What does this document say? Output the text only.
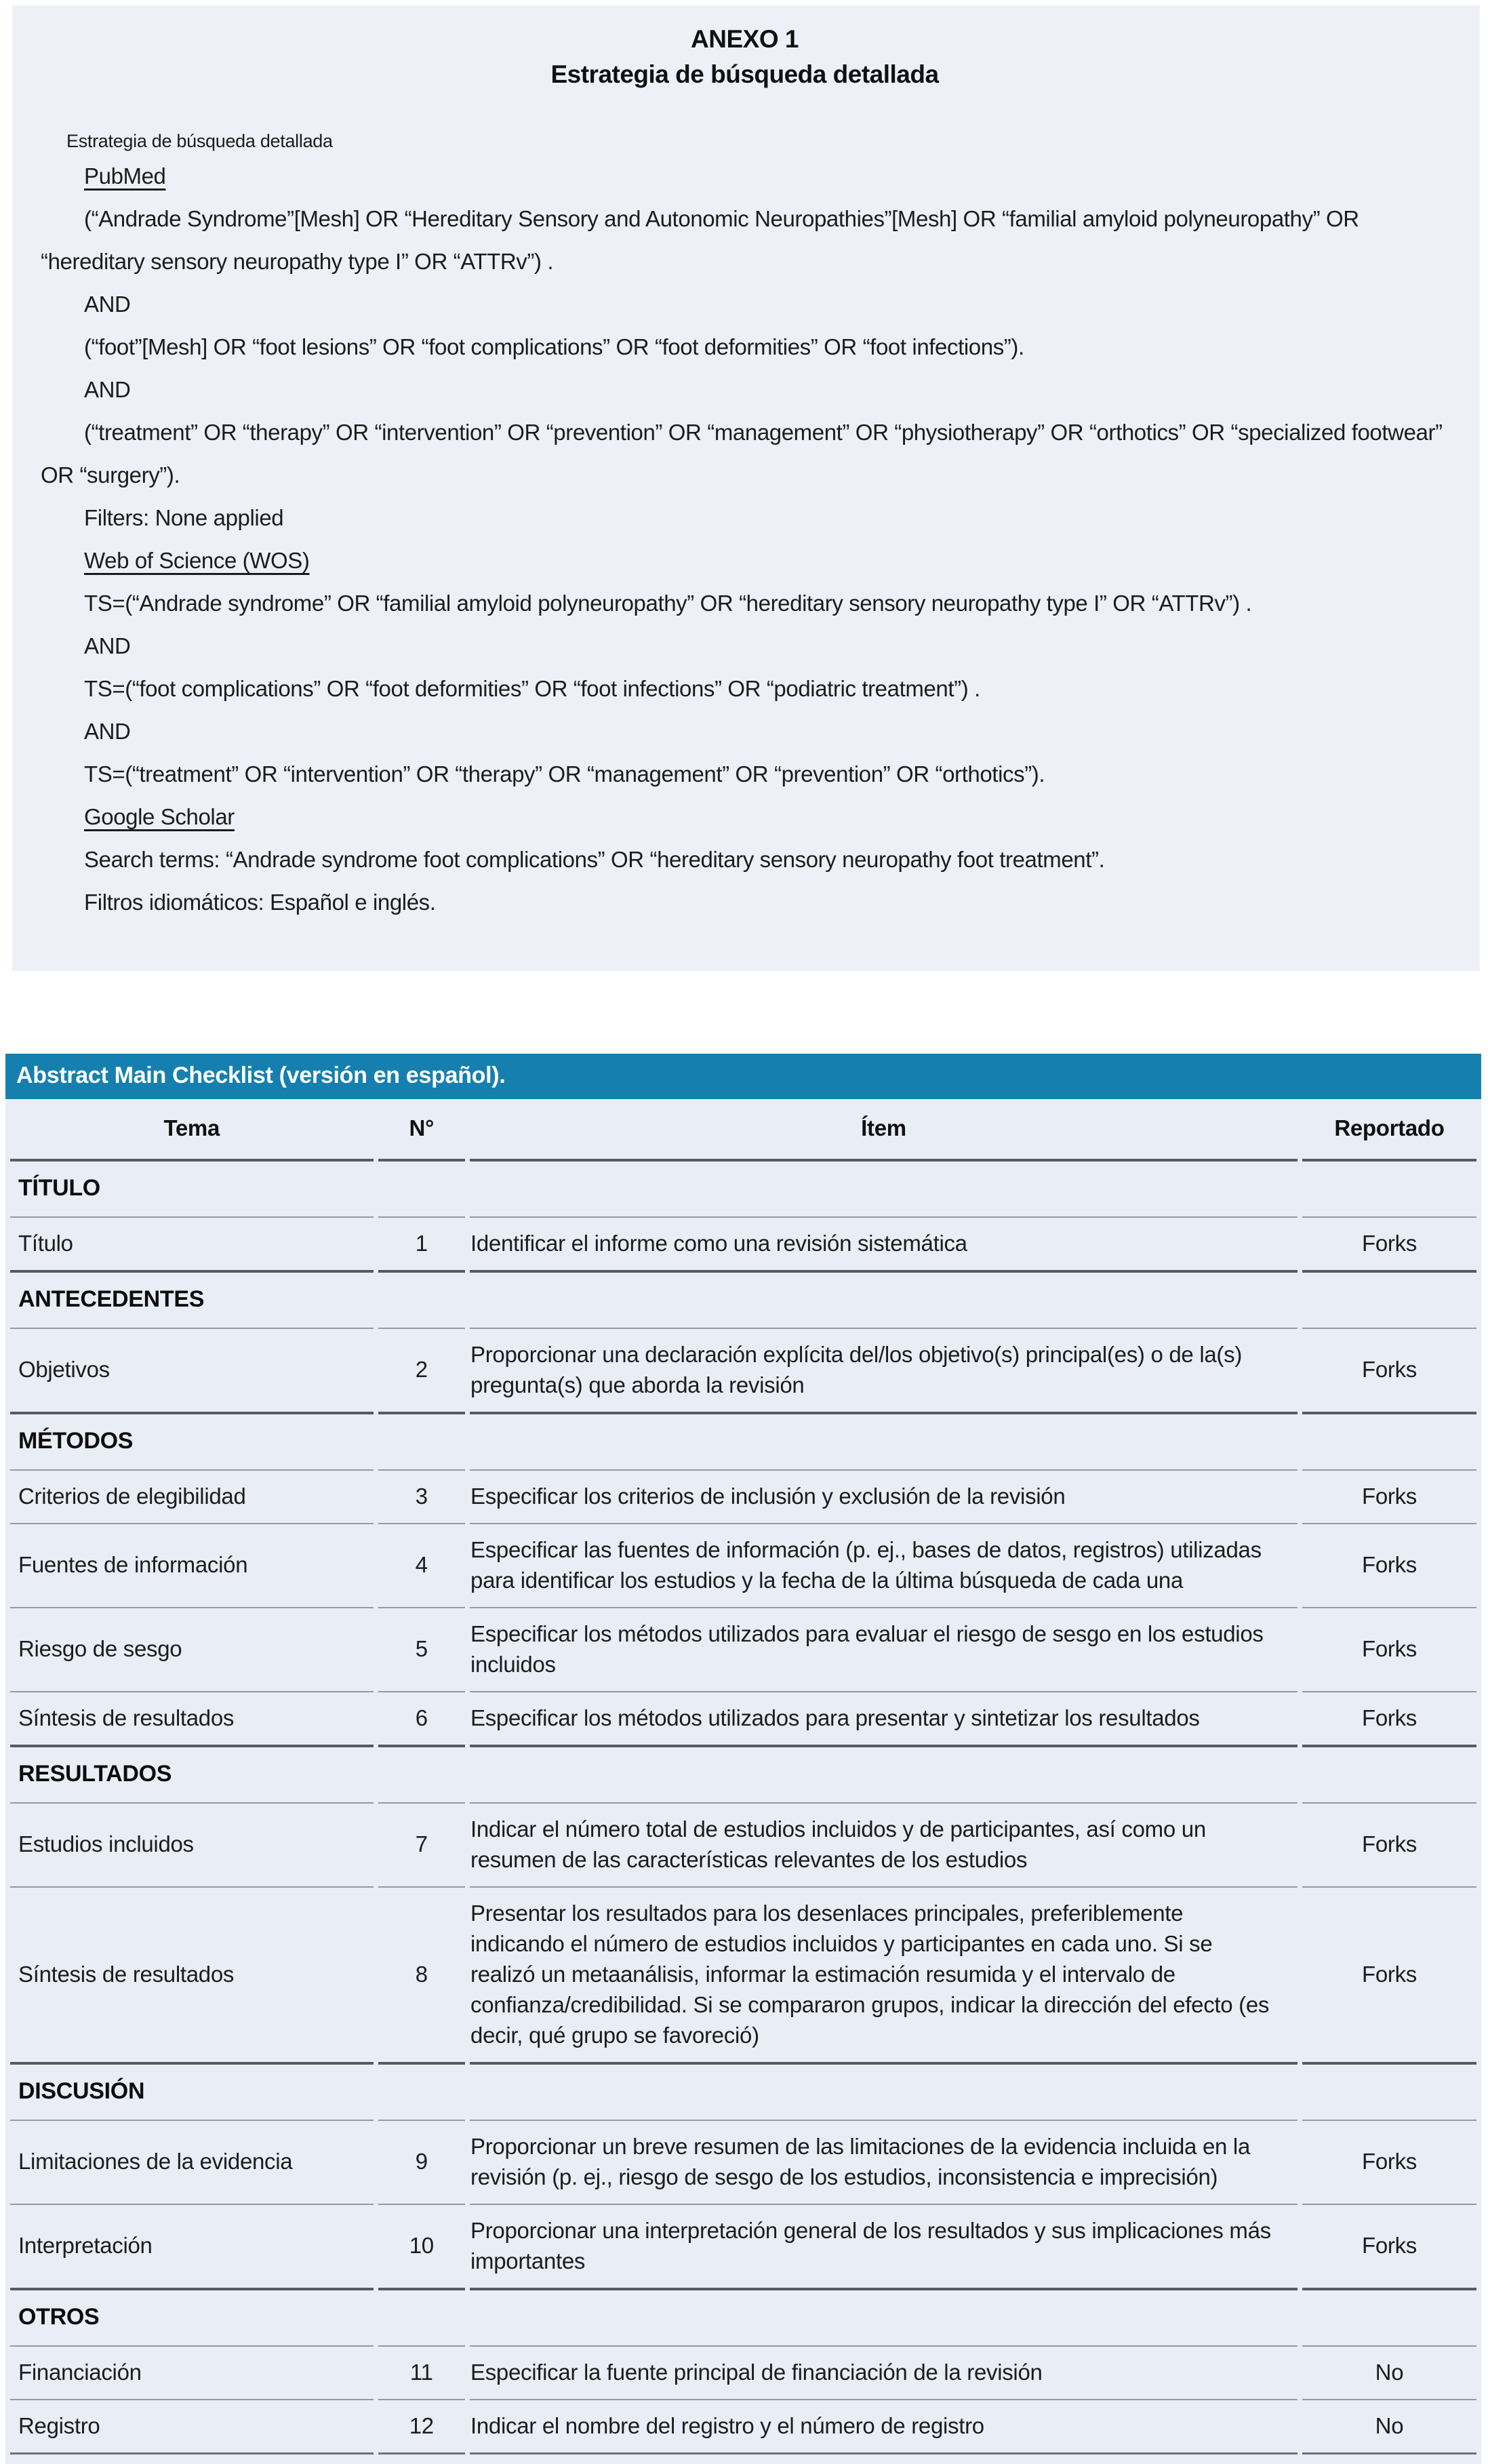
ANEXO 1
Estrategia de búsqueda detallada

Estrategia de búsqueda detallada

PubMed

(“Andrade Syndrome”[Mesh] OR “Hereditary Sensory and Autonomic Neuropathies”[Mesh] OR “familial amyloid polyneuropathy” OR “hereditary sensory neuropathy type I” OR “ATTRv”) .

AND

(“foot”[Mesh] OR “foot lesions” OR “foot complications” OR “foot deformities” OR “foot infections”).

AND

(“treatment” OR “therapy” OR “intervention” OR “prevention” OR “management” OR “physiotherapy” OR “orthotics” OR “specialized footwear” OR “surgery”).

Filters: None applied

Web of Science (WOS)

TS=(“Andrade syndrome” OR “familial amyloid polyneuropathy” OR “hereditary sensory neuropathy type I” OR “ATTRv”) .

AND

TS=(“foot complications” OR “foot deformities” OR “foot infections” OR “podiatric treatment”) .

AND

TS=(“treatment” OR “intervention” OR “therapy” OR “management” OR “prevention” OR “orthotics”).

Google Scholar

Search terms: “Andrade syndrome foot complications” OR “hereditary sensory neuropathy foot treatment”.

Filtros idiomáticos: Español e inglés.

Abstract Main Checklist (versión en español).
Tema	N°	Ítem	Reportado
TÍTULO			
Título	1	Identificar el informe como una revisión sistemática	Forks
ANTECEDENTES			
Objetivos	2	Proporcionar una declaración explícita del/los objetivo(s) principal(es) o de la(s) pregunta(s) que aborda la revisión	Forks
MÉTODOS			
Criterios de elegibilidad	3	Especificar los criterios de inclusión y exclusión de la revisión	Forks
Fuentes de información	4	Especificar las fuentes de información (p. ej., bases de datos, registros) utilizadas para identificar los estudios y la fecha de la última búsqueda de cada una	Forks
Riesgo de sesgo	5	Especificar los métodos utilizados para evaluar el riesgo de sesgo en los estudios incluidos	Forks
Síntesis de resultados	6	Especificar los métodos utilizados para presentar y sintetizar los resultados	Forks
RESULTADOS			
Estudios incluidos	7	Indicar el número total de estudios incluidos y de participantes, así como un resumen de las características relevantes de los estudios	Forks
Síntesis de resultados	8	Presentar los resultados para los desenlaces principales, preferiblemente indicando el número de estudios incluidos y participantes en cada uno. Si se realizó un metaanálisis, informar la estimación resumida y el intervalo de confianza/credibilidad. Si se compararon grupos, indicar la dirección del efecto (es decir, qué grupo se favoreció)	Forks
DISCUSIÓN			
Limitaciones de la evidencia	9	Proporcionar un breve resumen de las limitaciones de la evidencia incluida en la revisión (p. ej., riesgo de sesgo de los estudios, inconsistencia e imprecisión)	Forks
Interpretación	10	Proporcionar una interpretación general de los resultados y sus implicaciones más importantes	Forks
OTROS			
Financiación	11	Especificar la fuente principal de financiación de la revisión	No
Registro	12	Indicar el nombre del registro y el número de registro	No
